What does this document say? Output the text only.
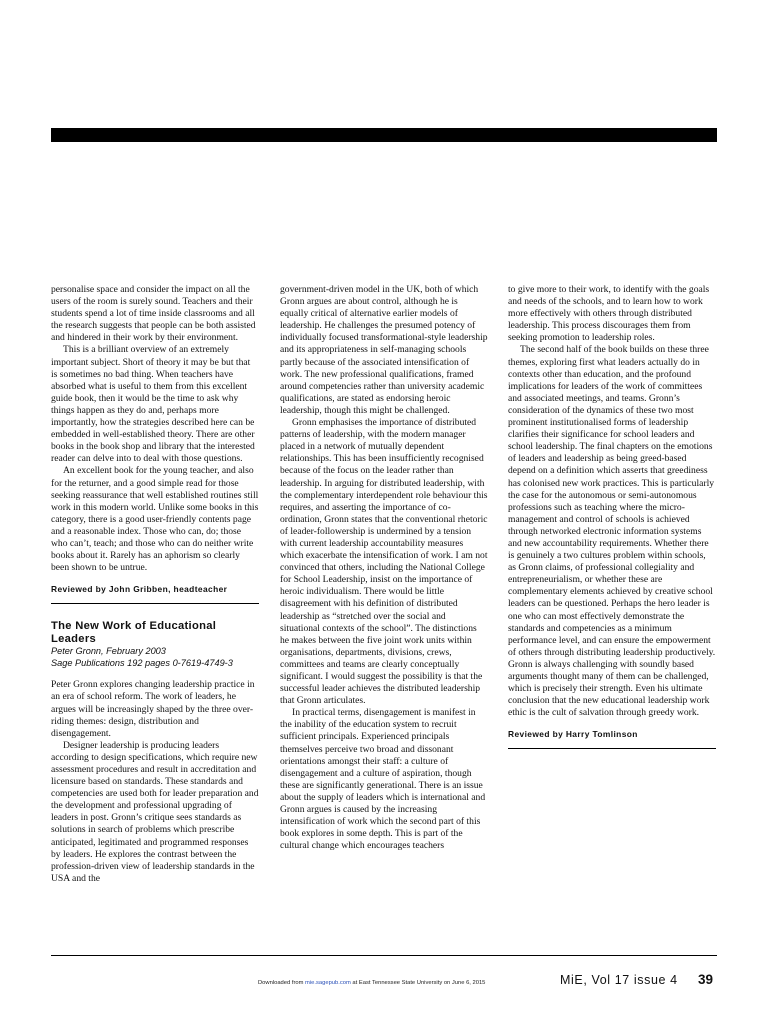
personalise space and consider the impact on all the users of the room is surely sound. Teachers and their students spend a lot of time inside classrooms and all the research suggests that people can be both assisted and hindered in their work by their environment.

This is a brilliant overview of an extremely important subject. Short of theory it may be but that is sometimes no bad thing. When teachers have absorbed what is useful to them from this excellent guide book, then it would be the time to ask why things happen as they do and, perhaps more importantly, how the strategies described here can be embedded in well-established theory. There are other books in the book shop and library that the interested reader can delve into to deal with those questions.

An excellent book for the young teacher, and also for the returner, and a good simple read for those seeking reassurance that well established routines still work in this modern world. Unlike some books in this category, there is a good user-friendly contents page and a reasonable index. Those who can, do; those who can’t, teach; and those who can do neither write books about it. Rarely has an aphorism so clearly been shown to be untrue.

Reviewed by John Gribben, headteacher
The New Work of Educational Leaders
Peter Gronn, February 2003
Sage Publications 192 pages 0-7619-4749-3

Peter Gronn explores changing leadership practice in an era of school reform. The work of leaders, he argues will be increasingly shaped by the three over-riding themes: design, distribution and disengagement.

Designer leadership is producing leaders according to design specifications, which require new assessment procedures and result in accreditation and licensure based on standards. These standards and competencies are used both for leader preparation and the development and professional upgrading of leaders in post. Gronn’s critique sees standards as solutions in search of problems which prescribe anticipated, legitimated and programmed responses by leaders. He explores the contrast between the profession-driven view of leadership standards in the USA and the

government-driven model in the UK, both of which Gronn argues are about control, although he is equally critical of alternative earlier models of leadership. He challenges the presumed potency of individually focused transformational-style leadership and its appropriateness in self-managing schools partly because of the associated intensification of work. The new professional qualifications, framed around competencies rather than university academic qualifications, are stated as endorsing heroic leadership, though this might be challenged.

Gronn emphasises the importance of distributed patterns of leadership, with the modern manager placed in a network of mutually dependent relationships. This has been insufficiently recognised because of the focus on the leader rather than leadership. In arguing for distributed leadership, with the complementary interdependent role behaviour this requires, and asserting the importance of co-ordination, Gronn states that the conventional rhetoric of leader-followership is undermined by a tension with current leadership accountability measures which exacerbate the intensification of work. I am not convinced that others, including the National College for School Leadership, insist on the importance of heroic individualism. There would be little disagreement with his definition of distributed leadership as “stretched over the social and situational contexts of the school”. The distinctions he makes between the five joint work units within organisations, departments, divisions, crews, committees and teams are clearly conceptually significant. I would suggest the possibility is that the successful leader achieves the distributed leadership that Gronn articulates.

In practical terms, disengagement is manifest in the inability of the education system to recruit sufficient principals. Experienced principals themselves perceive two broad and dissonant orientations amongst their staff: a culture of disengagement and a culture of aspiration, though these are significantly generational. There is an issue about the supply of leaders which is international and Gronn argues is caused by the increasing intensification of work which the second part of this book explores in some depth. This is part of the cultural change which encourages teachers

to give more to their work, to identify with the goals and needs of the schools, and to learn how to work more effectively with others through distributed leadership. This process discourages them from seeking promotion to leadership roles.

The second half of the book builds on these three themes, exploring first what leaders actually do in contexts other than education, and the profound implications for leaders of the work of committees and associated meetings, and teams. Gronn’s consideration of the dynamics of these two most prominent institutionalised forms of leadership clarifies their significance for school leaders and school leadership. The final chapters on the emotions of leaders and leadership as being greed-based depend on a definition which asserts that greediness has colonised new work practices. This is particularly the case for the autonomous or semi-autonomous professions such as teaching where the micro-management and control of schools is achieved through networked electronic information systems and new accountability requirements. Whether there is genuinely a two cultures problem within schools, as Gronn claims, of professional collegiality and entrepreneurialism, or whether these are complementary elements achieved by creative school leaders can be questioned. Perhaps the hero leader is one who can most effectively demonstrate the standards and competencies as a minimum performance level, and can ensure the empowerment of others through distributing leadership productively. Gronn is always challenging with soundly based arguments thought many of them can be challenged, which is precisely their strength. Even his ultimate conclusion that the new educational leadership work ethic is the cult of salvation through greedy work.

Reviewed by Harry Tomlinson
Downloaded from mie.sagepub.com at East Tennessee State University on June 6, 2015	MiE, Vol 17 issue 4 39
